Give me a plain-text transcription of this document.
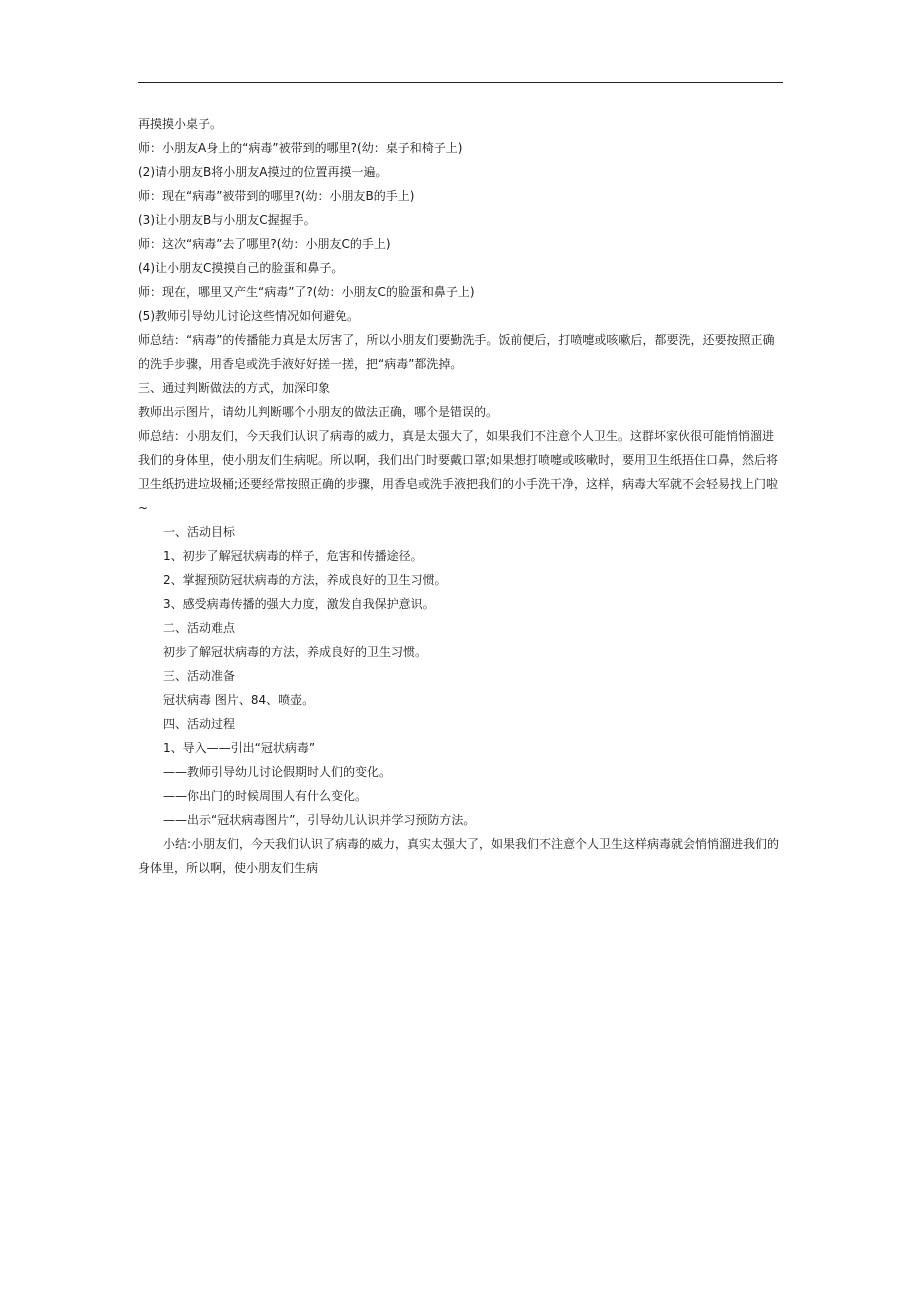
再摸摸小桌子。

师：小朋友A身上的“病毒”被带到的哪里?(幼：桌子和椅子上)

(2)请小朋友B将小朋友A摸过的位置再摸一遍。

师：现在“病毒”被带到的哪里?(幼：小朋友B的手上)

(3)让小朋友B与小朋友C握握手。

师：这次“病毒”去了哪里?(幼：小朋友C的手上)

(4)让小朋友C摸摸自己的脸蛋和鼻子。

师：现在，哪里又产生“病毒”了?(幼：小朋友C的脸蛋和鼻子上)

(5)教师引导幼儿讨论这些情况如何避免。

师总结：“病毒”的传播能力真是太厉害了，所以小朋友们要勤洗手。饭前便后，打喷嚏或咳嗽后，都要洗，还要按照正确的洗手步骤，用香皂或洗手液好好搓一搓，把“病毒”都洗掉。

三、通过判断做法的方式，加深印象

教师出示图片，请幼儿判断哪个小朋友的做法正确，哪个是错误的。

师总结：小朋友们，今天我们认识了病毒的威力，真是太强大了，如果我们不注意个人卫生。这群坏家伙很可能悄悄溜进我们的身体里，使小朋友们生病呢。所以啊，我们出门时要戴口罩;如果想打喷嚏或咳嗽时，要用卫生纸捂住口鼻，然后将卫生纸扔进垃圾桶;还要经常按照正确的步骤，用香皂或洗手液把我们的小手洗干净，这样，病毒大军就不会轻易找上门啦~

一、活动目标

1、初步了解冠状病毒的样子，危害和传播途径。

2、掌握预防冠状病毒的方法，养成良好的卫生习惯。

3、感受病毒传播的强大力度，激发自我保护意识。

二、活动难点

初步了解冠状病毒的方法，养成良好的卫生习惯。

三、活动准备

冠状病毒 图片、84、喷壶。

四、活动过程

1、导入——引出“冠状病毒”

——教师引导幼儿讨论假期时人们的变化。

——你出门的时候周围人有什么变化。

——出示“冠状病毒图片”，引导幼儿认识并学习预防方法。

小结:小朋友们，今天我们认识了病毒的威力，真实太强大了，如果我们不注意个人卫生这样病毒就会悄悄溜进我们的身体里，所以啊，使小朋友们生病
